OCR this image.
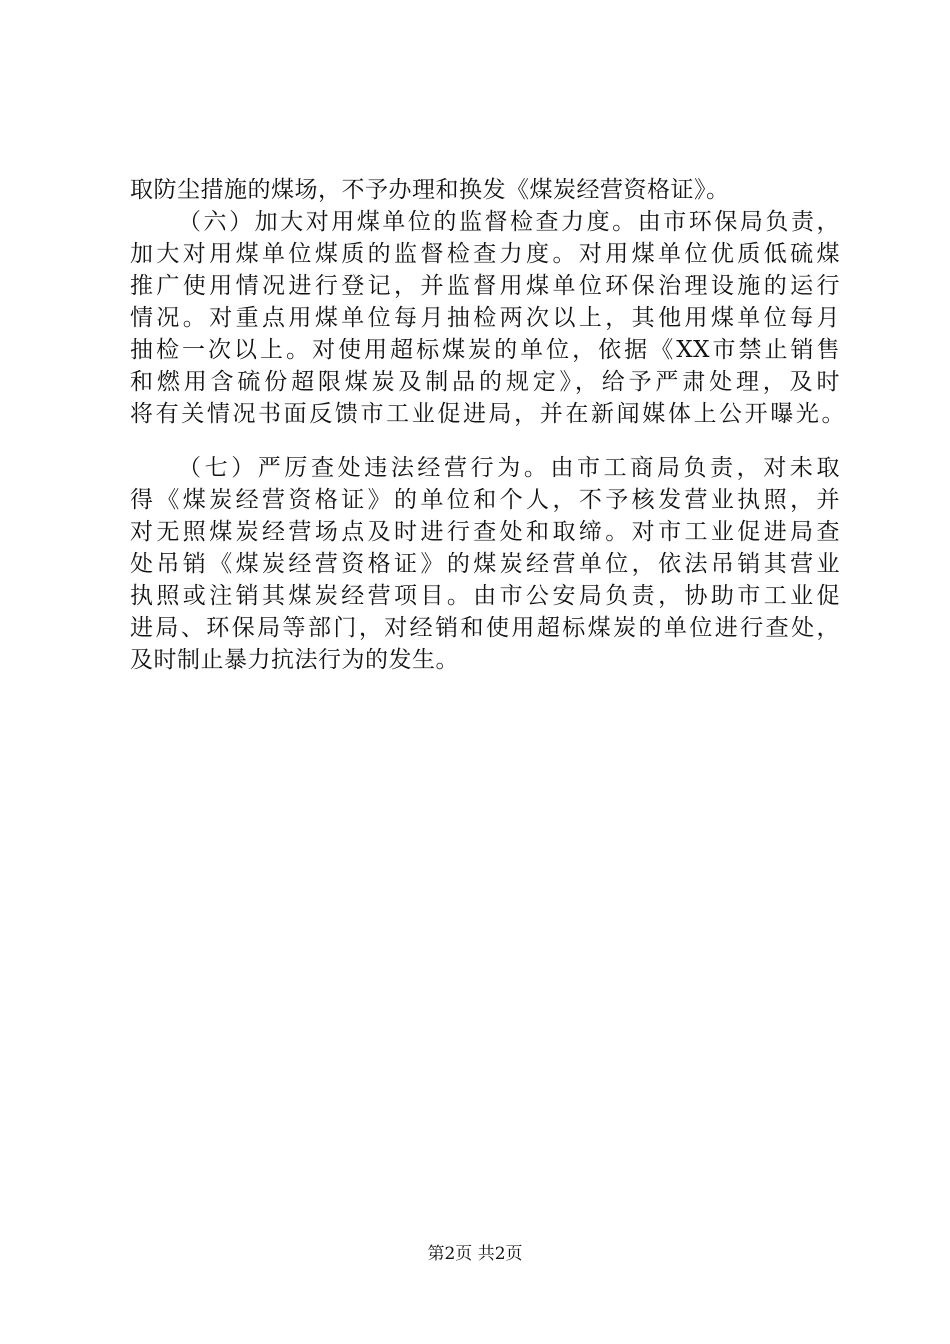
取防尘措施的煤场，不予办理和换发《煤炭经营资格证》。
（六）加大对用煤单位的监督检查力度。由市环保局负责，
加大对用煤单位煤质的监督检查力度。对用煤单位优质低硫煤
推广使用情况进行登记，并监督用煤单位环保治理设施的运行
情况。对重点用煤单位每月抽检两次以上，其他用煤单位每月
抽检一次以上。对使用超标煤炭的单位，依据《XX市禁止销售
和燃用含硫份超限煤炭及制品的规定》，给予严肃处理，及时
将有关情况书面反馈市工业促进局，并在新闻媒体上公开曝光。
（七）严厉查处违法经营行为。由市工商局负责，对未取
得《煤炭经营资格证》的单位和个人，不予核发营业执照，并
对无照煤炭经营场点及时进行查处和取缔。对市工业促进局查
处吊销《煤炭经营资格证》的煤炭经营单位，依法吊销其营业
执照或注销其煤炭经营项目。由市公安局负责，协助市工业促
进局、环保局等部门，对经销和使用超标煤炭的单位进行查处，
及时制止暴力抗法行为的发生。
第2页 共2页
